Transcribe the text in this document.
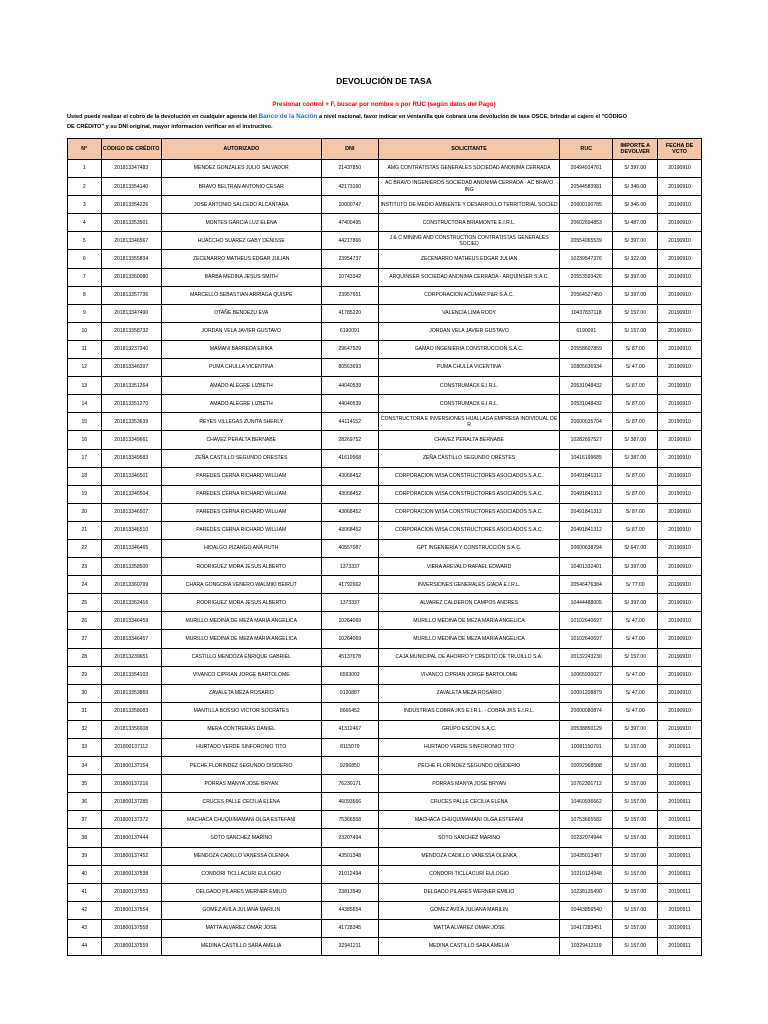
DEVOLUCIÓN DE TASA
Presionar control + F, buscar por nombre o por RUC (según datos del Pago)
Usted puede realizar el cobro de la devolución en cualquier agencia del Banco de la Nación a nivel nacional, favor indicar en ventanilla que cobrará una devolución de tasa OSCE, brindar al cajero el "CÓDIGO DE CRÉDITO" y su DNI original, mayor información verificar en el instructivo.
N°	CÓDIGO DE CRÉDITO	AUTORIZADO	DNI	SOLICITANTE	RUC	IMPORTE A DEVOLVER	FECHA DE VCTO
1	201813347483	MENDEZ GONZALES JULIO SALVADOR	21437850	AMG CONTRATISTAS GENERALES SOCIEDAD ANONIMA CERRADA	20494914761	S/ 397.00	20190910
2	201813354140	BRAVO BELTRAN ANTONIO CESAR	42173160	AC BRAVO INGENIEROS SOCIEDAD ANONIMA CERRADA - AC BRAVO ING	20544583981	S/ 346.00	20190910
3	201813354226	JOSE ANTONIO SALCEDO ALCANTARA	10000747	INSTITUTO DE MEDIO AMBIENTE Y DESARROLLO TERRITORIAL SOCIED	20600190785	S/ 346.00	20190910
4	201813353501	MONTES GARCIA LUZ ELENA	47400495	CONSTRUCTORA BRIAMONTE E.I.R.L.	20602694853	S/ 487.00	20190910
5	201813346567	HUACCHO SUAREZ GABY DENISSE	44217866	J & C MINING AND CONSTRUCTION CONTRATISTAS GENERALES SOCIED	20554065539	S/ 397.00	20190910
6	201813355834	ZECENARRO MATHEUS EDGAR JULIAN	23954737	ZECENARRO MATHEUS EDGAR JULIAN	10239547376	S/ 322.00	20190910
7	201813360080	BARBA MEDINA JESUS SMITH	10743342	ARQUINSER SOCIEDAD ANONIMA CERRADA - ARQUINSER S.A.C.	20553593426	S/ 397.00	20190910
8	201813357736	MARCELLO SEBASTIAN ARRIAGA QUISPE	23957651	CORPORACION ACUMAR P&R S.A.C.	20564527450	S/ 397.00	20190910
9	201813347490	OTAÑE BENDEZU EVA	41785220	VALENCIA LIMA RODY	10437837118	S/ 157.00	20190910
10	201813358732	JORDAN VELA JAVIER GUSTAVO	6190091	JORDAN VELA JAVIER GUSTAVO	6190091	S/ 157.00	20190910
11	201813237340	MAMANI BARREDA ERIKA	29647929	GAMAO INGENIERIA CONSTRUCCION S.A.C.	20558607859	S/ 87.00	20190910
12	201813346397	PUMA CHULLA VICENTINA	80563693	PUMA CHULLA VICENTINA	10805636934	S/ 47.00	20190910
13	201813351264	AMADO ALEGRE LIZBETH	44040539	CONSTRUMACK E.I.R.L.	20531048432	S/ 87.00	20190910
14	201813351270	AMADO ALEGRE LIZBETH	44040539	CONSTRUMACK E.I.R.L.	20531048432	S/ 87.00	20190910
15	201813353639	REYES VILLEGAS ZUNITA SHERLY	44114152	CONSTRUCTORA E INVERSIONES HUALLAGA EMPRESA INDIVIDUAL DE R	20600035704	S/ 87.00	20190910
16	201813349661	CHAVEZ PERALTA BERNABE	28269752	CHAVEZ PERALTA BERNABE	10282697527	S/ 387.00	20190910
17	201813349583	ZEÑA CASTILLO SEGUNDO ORESTES	41619968	ZEÑA CASTILLO SEGUNDO ORESTES	10416199685	S/ 387.00	20190910
18	201813346501	PAREDES CERNA RICHARD WILLIAM	43068452	CORPORACION WISA CONSTRUCTORES ASOCIADOS S.A.C.	20491841312	S/ 87.00	20190910
19	201813346504	PAREDES CERNA RICHARD WILLIAM	43068452	CORPORACION WISA CONSTRUCTORES ASOCIADOS S.A.C.	20491841312	S/ 87.00	20190910
20	201813346507	PAREDES CERNA RICHARD WILLIAM	43068452	CORPORACION WISA CONSTRUCTORES ASOCIADOS S.A.C.	20491841312	S/ 87.00	20190910
21	201813346510	PAREDES CERNA RICHARD WILLIAM	43068452	CORPORACION WISA CONSTRUCTORES ASOCIADOS S.A.C.	20491841312	S/ 87.00	20190910
22	201813346465	HIDALGO PIZANGO ANA RUTH	40557087	GPT INGENIERÍA Y CONSTRUCCIÓN S.A.C.	20600638794	S/ 647.00	20190910
23	201813358500	RODRIGUEZ MORA JESUS ALBERTO	1373337	VIERA AREVALO RAFAEL EDWARD	10401332401	S/ 397.00	20190910
24	201813360799	CHARA GONGORA VENERO WALMIKI BEIRUT	41792662	INVERSIONES GENERALES GIADA E.I.R.L.	20546476384	S/ 77.00	20190910
25	201813362416	RODRIGUEZ MORA JESUS ALBERTO	1373337	ALVAREZ CALDERON CAMPOS ANDRES	10444488005	S/ 397.00	20190910
26	201813346459	MURILLO MEDINA DE MEZA MARIA ANGELICA	10264069	MURILLO MEDINA DE MEZA MARIA ANGELICA	10102640697	S/ 47.00	20190910
27	201813346457	MURILLO MEDINA DE MEZA MARIA ANGELICA	10264069	MURILLO MEDINA DE MEZA MARIA ANGELICA	10102640697	S/ 47.00	20190910
28	201813239651	CASTILLO MENDOZA ENRIQUE GABRIEL	45137678	CAJA MUNICIPAL DE AHORRO Y CREDITO DE TRUJILLO S.A.	20132243230	S/ 157.00	20190910
29	201813354103	VIVANCO CIPRIAN JORGE BARTOLOME	6593002	VIVANCO CIPRIAN JORGE BARTOLOME	10065930027	S/ 47.00	20190910
30	201813353869	ZAVALETA MEZA ROSARIO	9120887	ZAVALETA MEZA ROSARIO	10091208879	S/ 47.00	20190910
31	201813358083	MANTILLA BOSSIO VICTOR SOCRATES	8666452	INDUSTRIAS COBRA JKS E.I.R.L. - COBRA JKS E.I.R.L.	20600080874	S/ 47.00	20190910
32	201813356608	MERA CONTRERAS DANIEL	41312467	GRUPO ESCON S.A.C.	20538850129	S/ 397.00	20190910
33	201800137112	HURTADO VERDE SINFORONIO TITO	8115079	HURTADO VERDE SINFORONIO TITO	10081150791	S/ 157.00	20190911
34	201800137154	PECHE FLORINDEZ SEGUNDO DISIDERIO	9296850	PECHE FLORINDEZ SEGUNDO DISIDERIO	10092968508	S/ 157.00	20190911
35	201800137216	PORRAS MANYA JOSE BRYAN	76230171	PORRAS MANYA JOSE BRYAN	10762301712	S/ 157.00	20190911
36	201800137285	CRUCES PALLE CECILIA ELENA	46093666	CRUCES PALLE CECILIA ELENA	10460936662	S/ 157.00	20190911
37	201800137372	MACHACA CHUQUIMAMANI OLGA ESTEFANI	75366558	MACHACA CHUQUIMAMANI OLGA ESTEFANI	10753665582	S/ 157.00	20190911
38	201800137444	SOTO SANCHEZ MARINO	23207494	SOTO SANCHEZ MARINO	10232074944	S/ 157.00	20190911
39	201800137452	MENDOZA CADILLO VANESSA OLENKA	43501348	MENDOZA CADILLO VANESSA OLENKA	10435013487	S/ 157.00	20190911
40	201800137538	CONDORI TICLLACURI EULOGIO	21012494	CONDORI TICLLACURI EULOGIO	10210124948	S/ 157.00	20190911
41	201800137553	DELGADO PILARES WERNER EMILIO	23813549	DELGADO PILARES WERNER EMILIO	10238135490	S/ 157.00	20190911
42	201800137554	GOMEZ AVILA JULIANA MARILIN	44385654	GOMEZ AVILA JULIANA MARILIN	10443856540	S/ 157.00	20190911
43	201800137558	MATTA ALVAREZ OMAR JOSE	41728345	MATTA ALVAREZ OMAR JOSE	10417283451	S/ 157.00	20190911
44	201800137559	MEDINA CASTILLO SARA AMELIA	32941211	MEDINA CASTILLO SARA AMELIA	10329412119	S/ 157.00	20190911
